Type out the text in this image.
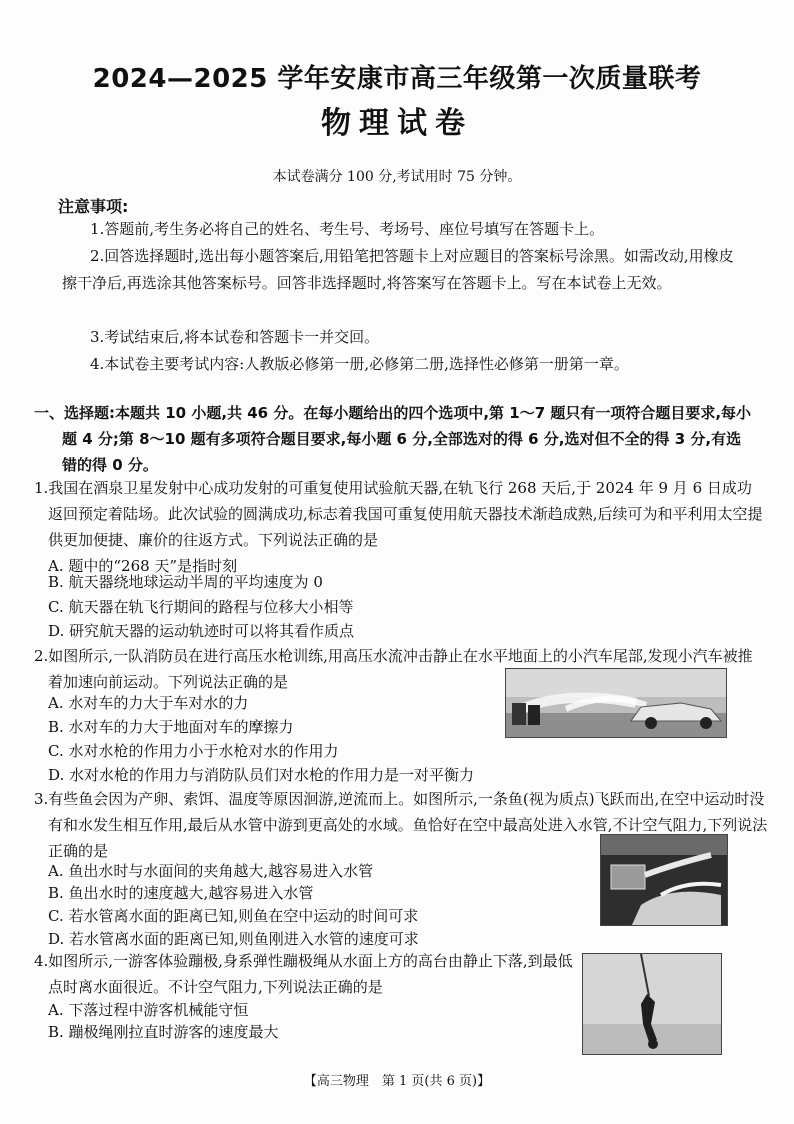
2024—2025 学年安康市高三年级第一次质量联考
物理试卷
本试卷满分 100 分,考试用时 75 分钟。
注意事项:
1.答题前,考生务必将自己的姓名、考生号、考场号、座位号填写在答题卡上。
2.回答选择题时,选出每小题答案后,用铅笔把答题卡上对应题目的答案标号涂黑。如需改动,用橡皮擦干净后,再选涂其他答案标号。回答非选择题时,将答案写在答题卡上。写在本试卷上无效。
3.考试结束后,将本试卷和答题卡一并交回。
4.本试卷主要考试内容:人教版必修第一册,必修第二册,选择性必修第一册第一章。
一、选择题:本题共 10 小题,共 46 分。在每小题给出的四个选项中,第 1～7 题只有一项符合题目要求,每小题 4 分;第 8～10 题有多项符合题目要求,每小题 6 分,全部选对的得 6 分,选对但不全的得 3 分,有选错的得 0 分。
1.我国在酒泉卫星发射中心成功发射的可重复使用试验航天器,在轨飞行 268 天后,于 2024 年 9 月 6 日成功返回预定着陆场。此次试验的圆满成功,标志着我国可重复使用航天器技术渐趋成熟,后续可为和平利用太空提供更加便捷、廉价的往返方式。下列说法正确的是
A. 题中的“268 天”是指时刻
B. 航天器绕地球运动半周的平均速度为 0
C. 航天器在轨飞行期间的路程与位移大小相等
D. 研究航天器的运动轨迹时可以将其看作质点
2.如图所示,一队消防员在进行高压水枪训练,用高压水流冲击静止在水平地面上的小汽车尾部,发现小汽车被推着加速向前运动。下列说法正确的是
A. 水对车的力大于车对水的力
B. 水对车的力大于地面对车的摩擦力
C. 水对水枪的作用力小于水枪对水的作用力
D. 水对水枪的作用力与消防队员们对水枪的作用力是一对平衡力
3.有些鱼会因为产卵、索饵、温度等原因洄游,逆流而上。如图所示,一条鱼(视为质点)飞跃而出,在空中运动时没有和水发生相互作用,最后从水管中游到更高处的水域。鱼恰好在空中最高处进入水管,不计空气阻力,下列说法正确的是
A. 鱼出水时与水面间的夹角越大,越容易进入水管
B. 鱼出水时的速度越大,越容易进入水管
C. 若水管离水面的距离已知,则鱼在空中运动的时间可求
D. 若水管离水面的距离已知,则鱼刚进入水管的速度可求
4.如图所示,一游客体验蹦极,身系弹性蹦极绳从水面上方的高台由静止下落,到最低点时离水面很近。不计空气阻力,下列说法正确的是
A. 下落过程中游客机械能守恒
B. 蹦极绳刚拉直时游客的速度最大
【高三物理　第 1 页(共 6 页)】
